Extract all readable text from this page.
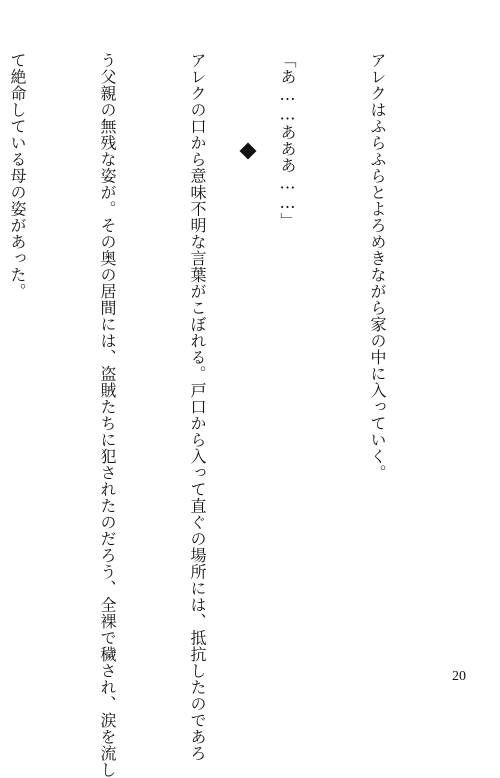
アレクはふらふらとよろめきながら家の中に入っていく。

「あ……あああ……」

アレクの口から意味不明な言葉がこぼれる。戸口から入って直ぐの場所には、抵抗したのであろ

う父親の無残な姿が。その奥の居間には、盗賊たちに犯されたのだろう、全裸で穢され、涙を流し

て絶命している母の姿があった。

20
